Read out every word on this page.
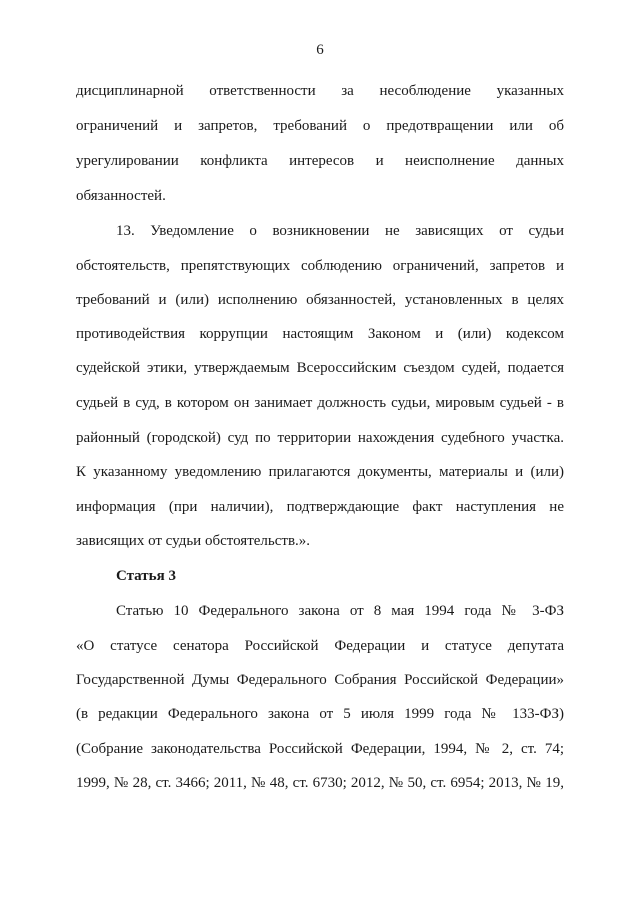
6
дисциплинарной ответственности за несоблюдение указанных
ограничений и запретов, требований о предотвращении или об
урегулировании конфликта интересов и неисполнение данных
обязанностей.
13. Уведомление о возникновении не зависящих от судьи
обстоятельств, препятствующих соблюдению ограничений, запретов и
требований и (или) исполнению обязанностей, установленных в целях
противодействия коррупции настоящим Законом и (или) кодексом
судейской этики, утверждаемым Всероссийским съездом судей, подается
судьей в суд, в котором он занимает должность судьи, мировым судьей - в
районный (городской) суд по территории нахождения судебного участка.
К указанному уведомлению прилагаются документы, материалы и (или)
информация (при наличии), подтверждающие факт наступления не
зависящих от судьи обстоятельств.».
Статья 3
Статью 10 Федерального закона от 8 мая 1994 года № 3-ФЗ
«О статусе сенатора Российской Федерации и статусе депутата
Государственной Думы Федерального Собрания Российской Федерации»
(в редакции Федерального закона от 5 июля 1999 года № 133-ФЗ)
(Собрание законодательства Российской Федерации, 1994, № 2, ст. 74;
1999, № 28, ст. 3466; 2011, № 48, ст. 6730; 2012, № 50, ст. 6954; 2013, № 19,
